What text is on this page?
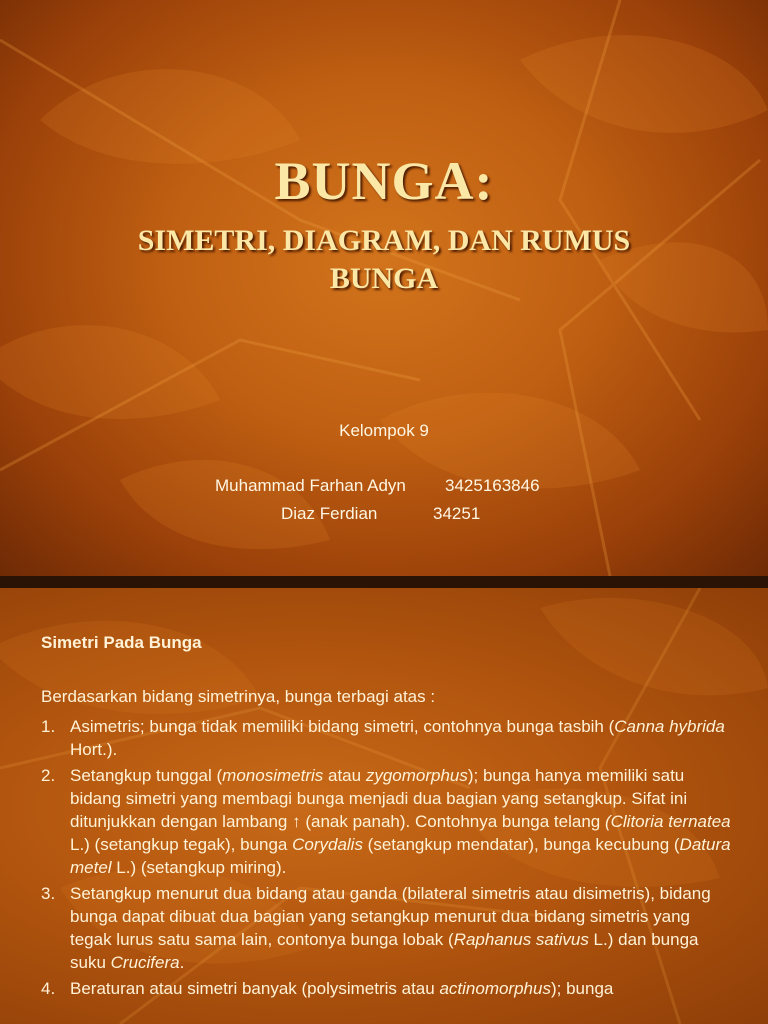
BUNGA:
SIMETRI, DIAGRAM, DAN RUMUS
BUNGA
Kelompok 9
Muhammad Farhan Adyn 3425163846
Diaz Ferdian	34251
Simetri Pada Bunga
Berdasarkan bidang simetrinya, bunga terbagi atas :
1. Asimetris; bunga tidak memiliki bidang simetri, contohnya bunga tasbih (Canna hybrida Hort.).
2. Setangkup tunggal (monosimetris atau zygomorphus); bunga hanya memiliki satu bidang simetri yang membagi bunga menjadi dua bagian yang setangkup. Sifat ini ditunjukkan dengan lambang ↑ (anak panah). Contohnya bunga telang (Clitoria ternatea L.) (setangkup tegak), bunga Corydalis (setangkup mendatar), bunga kecubung (Datura metel L.) (setangkup miring).
3. Setangkup menurut dua bidang atau ganda (bilateral simetris atau disimetris), bidang bunga dapat dibuat dua bagian yang setangkup menurut dua bidang simetris yang tegak lurus satu sama lain, contonya bunga lobak (Raphanus sativus L.) dan bunga suku Crucifera.
4. Beraturan atau simetri banyak (polysimetris atau actinomorphus); bunga
